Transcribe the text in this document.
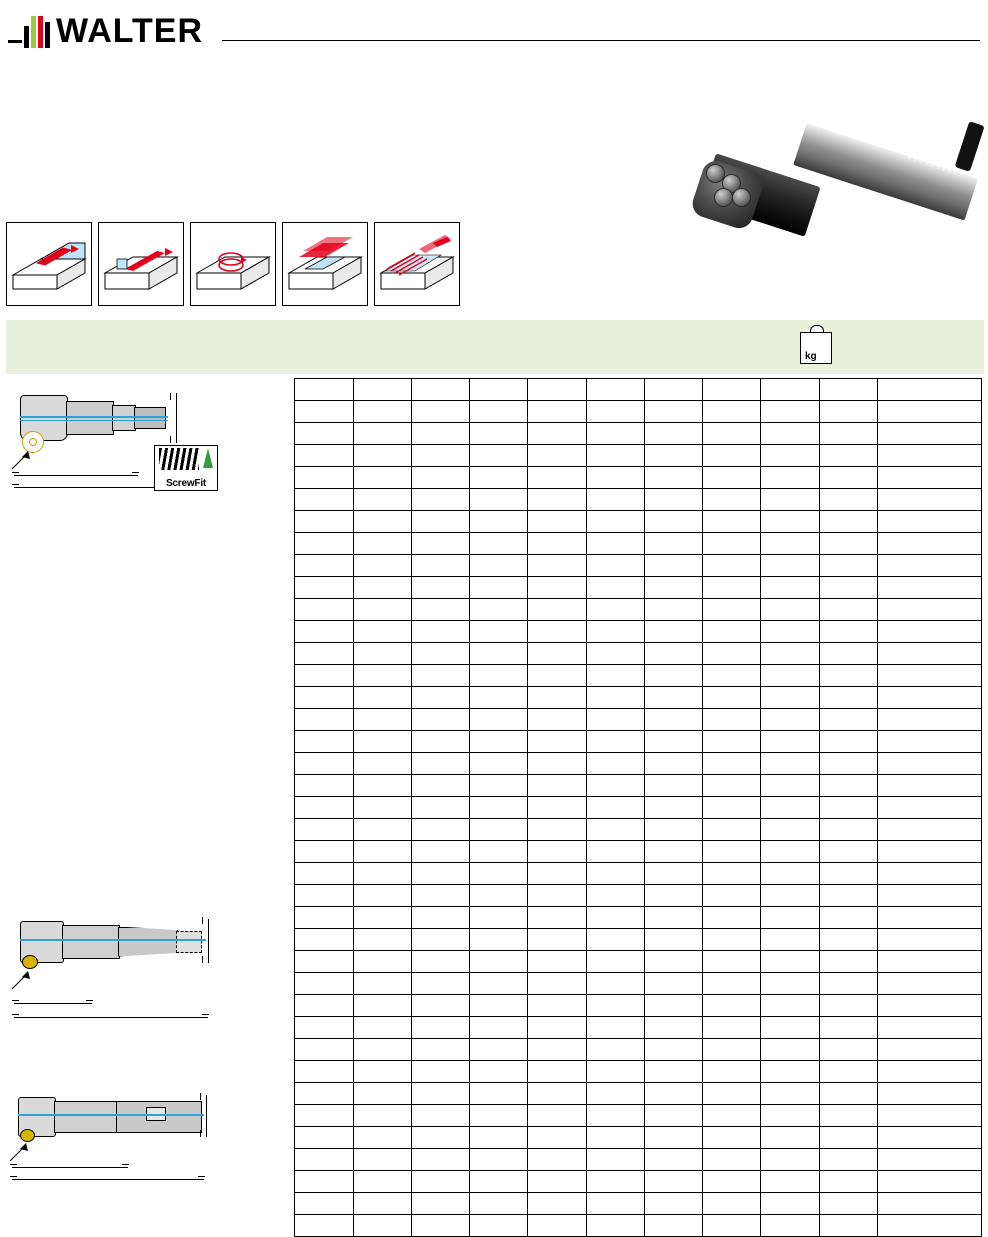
WALTER
kg
ScrewFit											
